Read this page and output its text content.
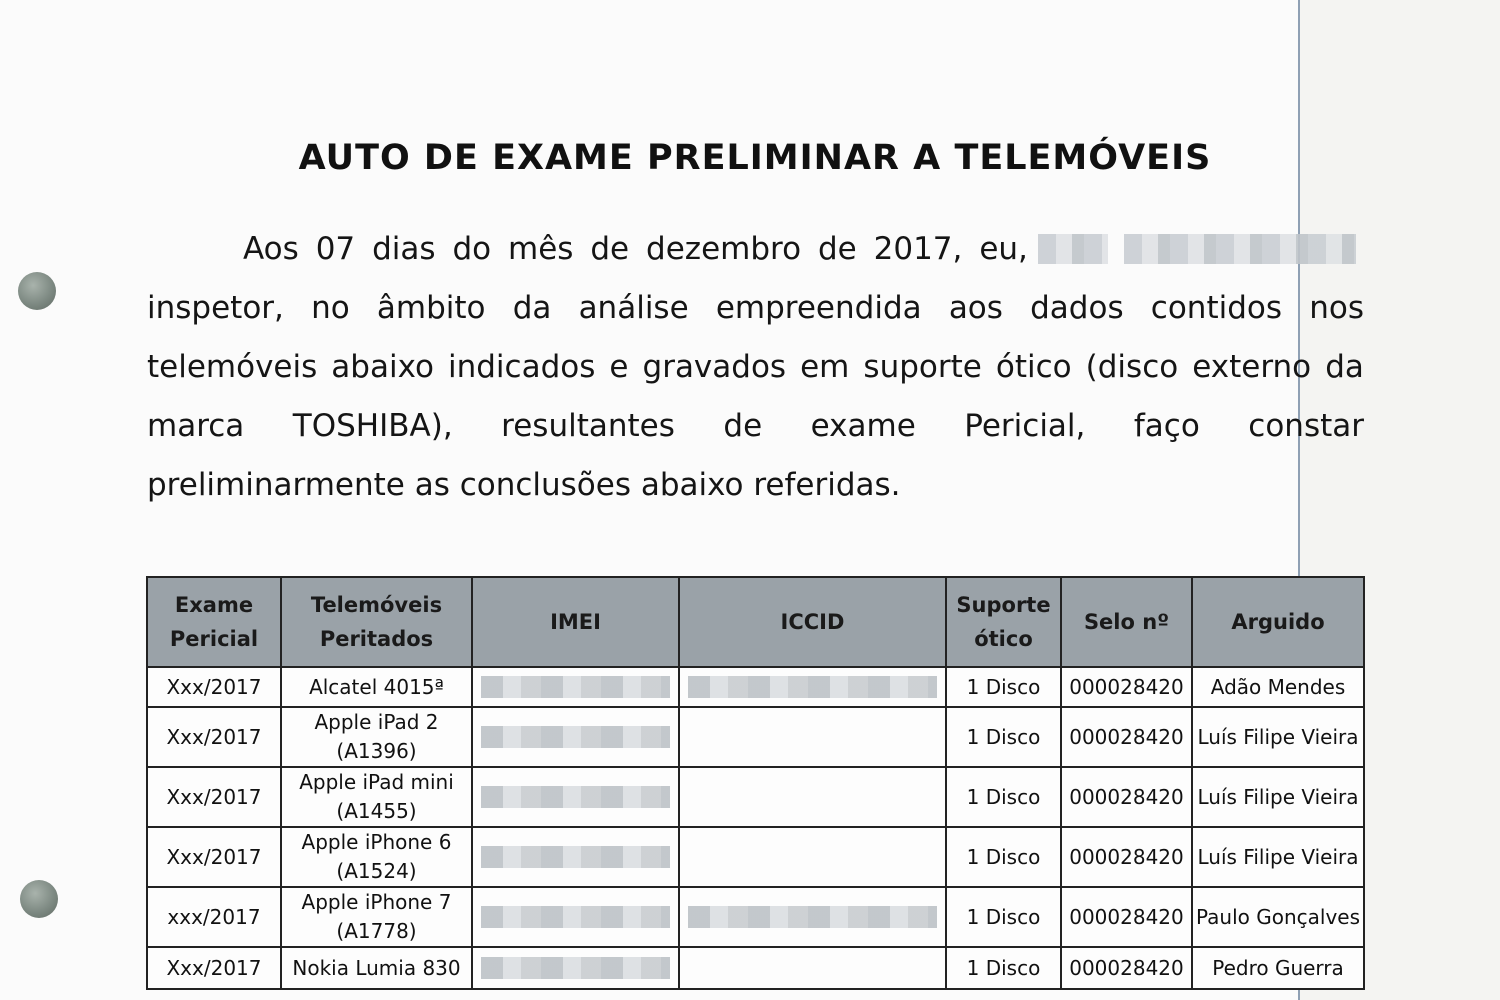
AUTO DE EXAME PRELIMINAR A TELEMÓVEIS
Aos 07 dias do mês de dezembro de 2017, eu,
inspetor, no âmbito da análise empreendida aos dados contidos nos
telemóveis abaixo indicados e gravados em suporte ótico (disco externo da
marca TOSHIBA), resultantes de exame Pericial, faço constar
preliminarmente as conclusões abaixo referidas.
Exame Pericial	Telemóveis Peritados	IMEI	ICCID	Suporte ótico	Selo nº	Arguido
Xxx/2017	Alcatel 4015ª			1 Disco	000028420	Adão Mendes
Xxx/2017	Apple iPad 2 (A1396)			1 Disco	000028420	Luís Filipe Vieira
Xxx/2017	Apple iPad mini (A1455)			1 Disco	000028420	Luís Filipe Vieira
Xxx/2017	Apple iPhone 6 (A1524)			1 Disco	000028420	Luís Filipe Vieira
xxx/2017	Apple iPhone 7 (A1778)			1 Disco	000028420	Paulo Gonçalves
Xxx/2017	Nokia Lumia 830			1 Disco	000028420	Pedro Guerra
